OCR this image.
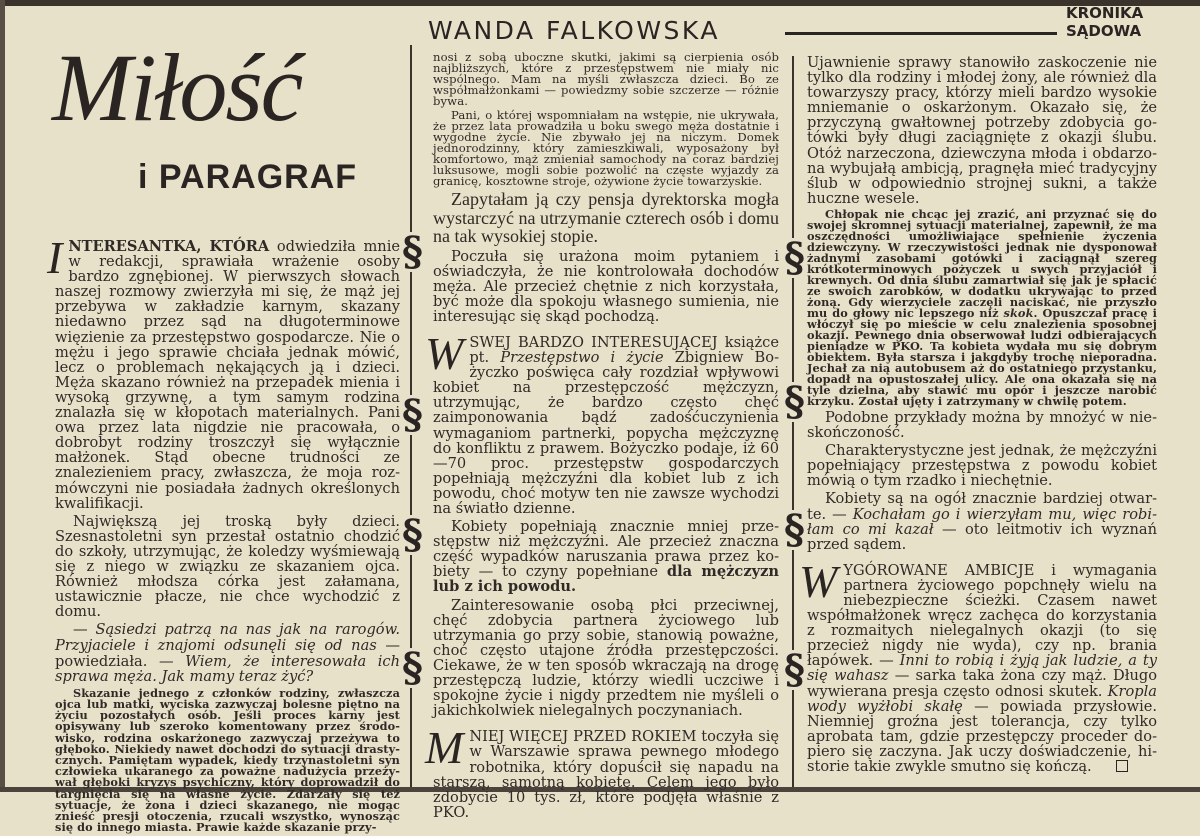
Miłość
i PARAGRAF
WANDA FALKOWSKA
KRONIKA
SĄDOWA
§
§
§
§
§
§
§
§

INTERESANTKA, KTÓRA odwiedziła mnie w redakcji, sprawiała wrażenie osoby bardzo zgnębionej. W pierwszych słowach naszej rozmowy zwierzyła mi się, że mąż jej przebywa w zakładzie karnym, skazany niedawno przez sąd na długoterminowe więzienie za przestępstwo gospodarcze. Nie o mężu i jego sprawie chciała jednak mówić, lecz o problemach nękających ją i dzieci. Męża skazano również na przepadek mienia i wysoką grzywnę, a tym samym rodzina znalazła się w kłopotach materialnych. Pani owa przez lata nigdzie nie pracowała, o dobrobyt rodziny troszczył się wyłącznie małżonek. Stąd obecne trudności ze znalezieniem pracy, zwłaszcza, że moja rozmówczyni nie posiadała żadnych określonych kwalifikacji.

Największą jej troską były dzieci. Szesnastoletni syn przestał ostatnio chodzić do szkoły, utrzymując, że koledzy wyśmiewają się z niego w związku ze skazaniem ojca. Również młodsza córka jest załamana, ustawicznie płacze, nie chce wychodzić z domu.

— Sąsiedzi patrzą na nas jak na rarogów. Przyjaciele i znajomi odsunęli się od nas — powiedziała. — Wiem, że interesowała ich sprawa męża. Jak mamy teraz żyć?

Skazanie jednego z członków rodziny, zwłaszcza ojca lub matki, wyciska zazwyczaj bolesne piętno na życiu pozostałych osób. Jeśli proces karny jest opisywany lub szeroko komentowany przez środowisko, rodzina oskarżonego zazwyczaj przeżywa to głęboko. Niekiedy nawet dochodzi do sytuacji drastycznych. Pamiętam wypadek, kiedy trzynastoletni syn człowieka ukaranego za poważne nadużycia przeżywał głęboki kryzys psychiczny, który doprowadził do targnięcia się na własne życie. Zdarzały się też sytuacje, że żona i dzieci skazanego, nie mogąc znieść presji otoczenia, rzucali wszystko, wynosząc się do innego miasta. Prawie każde skazanie przy-

nosi z sobą uboczne skutki, jakimi są cierpienia osób najbliższych, które z przestępstwem nie miały nic wspólnego. Mam na myśli zwłaszcza dzieci. Bo ze współmałżonkami — powiedzmy sobie szczerze — różnie bywa.

Pani, o której wspomniałam na wstępie, nie ukrywała, że przez lata prowadziła u boku swego męża dostatnie i wygodne życie. Nie zbywało jej na niczym. Domek jednorodzinny, który zamieszkiwali, wyposażony był komfortowo, mąż zmieniał samochody na coraz bardziej luksusowe, mogli sobie pozwolić na częste wyjazdy za granicę, kosztowne stroje, ożywione życie towarzyskie.

Zapytałam ją czy pensja dyrektorska mogła wystarczyć na utrzymanie czterech osób i domu na tak wysokiej stopie.

Poczuła się urażona moim pytaniem i oświadczyła, że nie kontrolowała dochodów męża. Ale przecież chętnie z nich korzystała, być może dla spokoju własnego sumienia, nie interesując się skąd pochodzą.

WSWEJ BARDZO INTERESUJĄCEJ książce pt. Przestępstwo i życie Zbigniew Bożyczko poświęca cały rozdział wpływowi kobiet na przestępczość mężczyzn, utrzymując, że bardzo często chęć zaimponowania bądź zadośćuczynienia wymaganiom partnerki, popycha mężczyznę do konfliktu z prawem. Bożyczko podaje, iż 60—70 proc. przestępstw gospodarczych popełniają mężczyźni dla kobiet lub z ich powodu, choć motyw ten nie zawsze wychodzi na światło dzienne.

Kobiety popełniają znacznie mniej przestępstw niż mężczyźni. Ale przecież znaczna część wypadków naruszania prawa przez kobiety — to czyny popełniane dla mężczyzn lub z ich powodu.

Zainteresowanie osobą płci przeciwnej, chęć zdobycia partnera życiowego lub utrzymania go przy sobie, stanowią poważne, choć często utajone źródła przestępczości. Ciekawe, że w ten sposób wkraczają na drogę przestępczą ludzie, którzy wiedli uczciwe i spokojne życie i nigdy przedtem nie myśleli o jakichkolwiek nielegalnych poczynaniach.

MNIEJ WIĘCEJ PRZED ROKIEM toczyła się w Warszawie sprawa pewnego młodego robotnika, który dopuścił się napadu na starszą, samotną kobietę. Celem jego było zdobycie 10 tys. zł, które podjęła właśnie z PKO.

Ujawnienie sprawy stanowiło zaskoczenie nie tylko dla rodziny i młodej żony, ale również dla towarzyszy pracy, którzy mieli bardzo wysokie mniemanie o oskarżonym. Okazało się, że przyczyną gwałtownej potrzeby zdobycia gotówki były długi zaciągnięte z okazji ślubu. Otóż narzeczona, dziewczyna młoda i obdarzona wybujałą ambicją, pragnęła mieć tradycyjny ślub w odpowiednio strojnej sukni, a także huczne wesele.

Chłopak nie chcąc jej zrazić, ani przyznać się do swojej skromnej sytuacji materialnej, zapewnił, że ma oszczędności umożliwiające spełnienie życzenia dziewczyny. W rzeczywistości jednak nie dysponował żadnymi zasobami gotówki i zaciągnął szereg krótkoterminowych pożyczek u swych przyjaciół i krewnych. Od dnia ślubu zamartwiał się jak je spłacić ze swoich zarobków, w dodatku ukrywając to przed żoną. Gdy wierzyciele zaczęli naciskać, nie przyszło mu do głowy nic lepszego niż skok. Opuszczał pracę i włóczył się po mieście w celu znalezienia sposobnej okazji. Pewnego dnia obserwował ludzi odbierających pieniądze w PKO. Ta kobieta wydała mu się dobrym obiektem. Była starsza i jakgdyby trochę nieporadna. Jechał za nią autobusem aż do ostatniego przystanku, dopadł na opustoszałej ulicy. Ale ona okazała się na tyle dzielna, aby stawić mu opór i jeszcze narobić krzyku. Został ujęty i zatrzymany w chwilę potem.

Podobne przykłady można by mnożyć w nieskończoność.

Charakterystyczne jest jednak, że mężczyźni popełniający przestępstwa z powodu kobiet mówią o tym rzadko i niechętnie.

Kobiety są na ogół znacznie bardziej otwarte. — Kochałam go i wierzyłam mu, więc robiłam co mi kazał — oto leitmotiv ich wyznań przed sądem.

WYGÓROWANE AMBICJE i wymagania partnera życiowego popchnęły wielu na niebezpieczne ścieżki. Czasem nawet współmałżonek wręcz zachęca do korzystania z rozmaitych nielegalnych okazji (to się przecież nigdy nie wyda), czy np. brania łapówek. — Inni to robią i żyją jak ludzie, a ty się wahasz — sarka taka żona czy mąż. Długo wywierana presja często odnosi skutek. Kropla wody wyżłobi skałę — powiada przysłowie. Niemniej groźna jest tolerancja, czy tylko aprobata tam, gdzie przestępczy proceder dopiero się zaczyna. Jak uczy doświadczenie, historie takie zwykle smutno się kończą.
